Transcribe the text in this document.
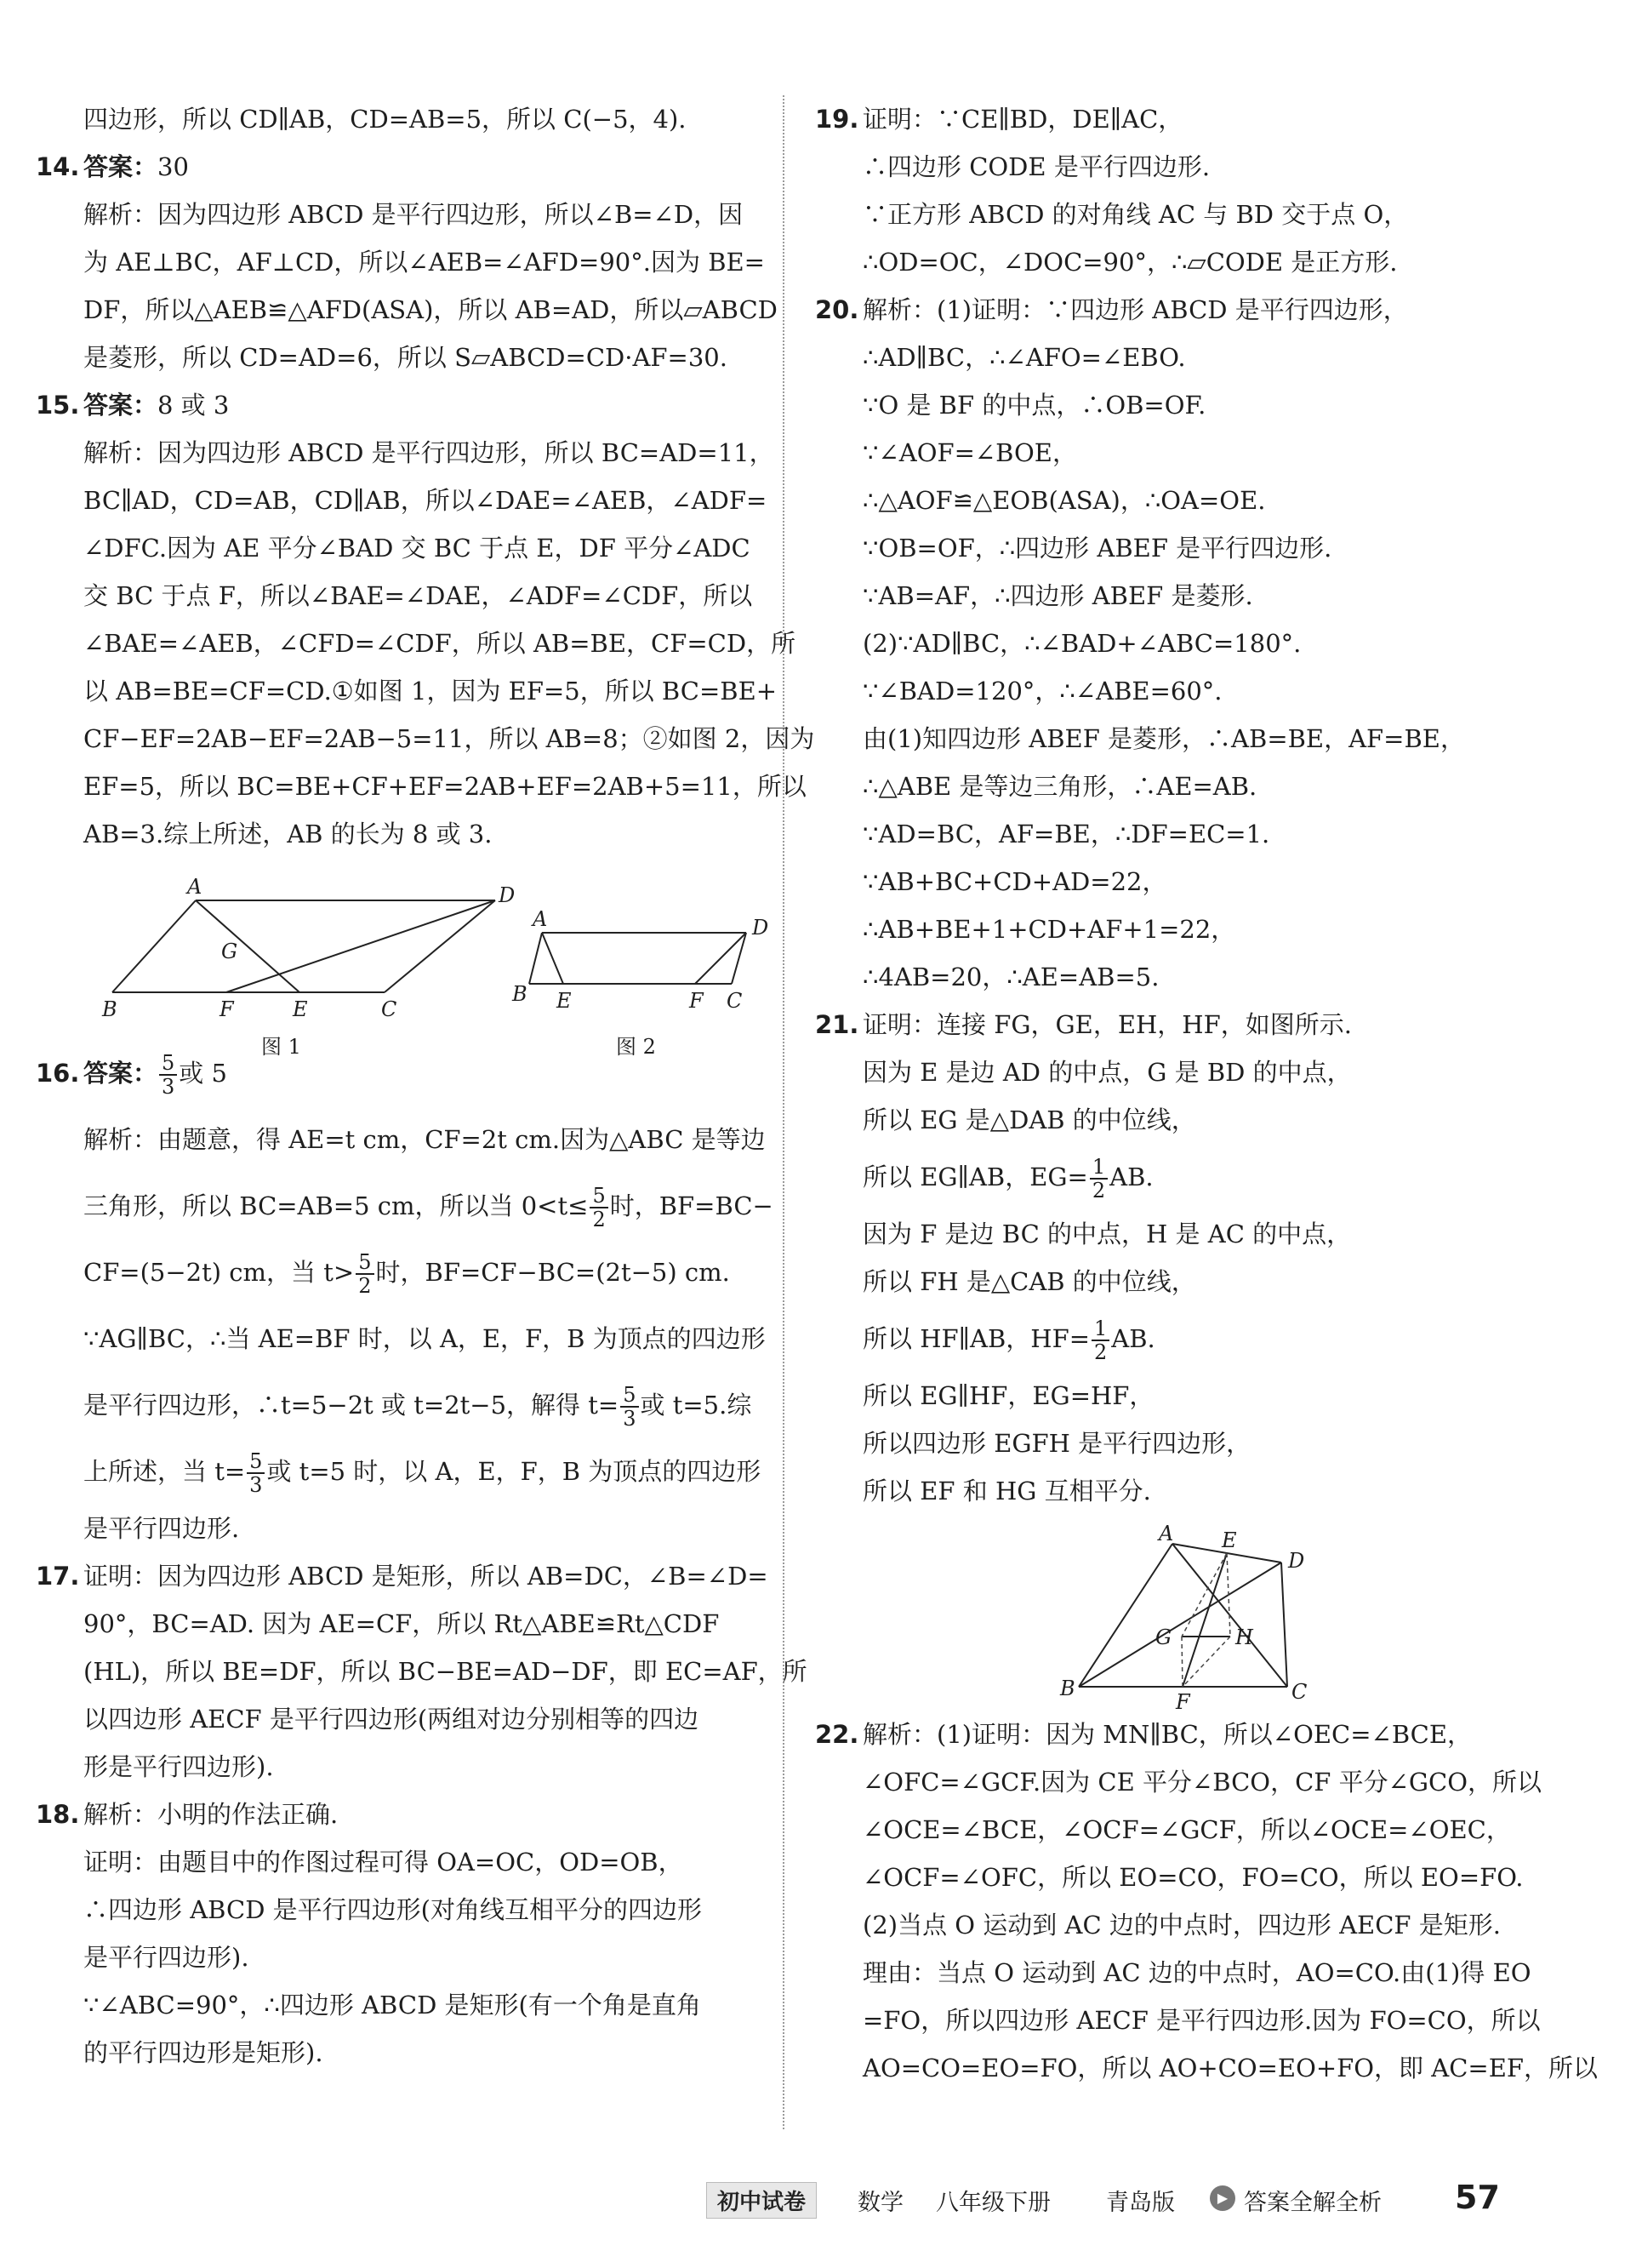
四边形，所以 CD∥AB，CD=AB=5，所以 C(−5，4).
14. 答案：30
解析：因为四边形 ABCD 是平行四边形，所以∠B=∠D，因
为 AE⊥BC，AF⊥CD，所以∠AEB=∠AFD=90°.因为 BE=
DF，所以△AEB≌△AFD(ASA)，所以 AB=AD，所以▱ABCD
是菱形，所以 CD=AD=6，所以 S▱ABCD=CD·AF=30.
15. 答案：8 或 3
解析：因为四边形 ABCD 是平行四边形，所以 BC=AD=11，
BC∥AD，CD=AB，CD∥AB，所以∠DAE=∠AEB，∠ADF=
∠DFC.因为 AE 平分∠BAD 交 BC 于点 E，DF 平分∠ADC
交 BC 于点 F，所以∠BAE=∠DAE，∠ADF=∠CDF，所以
∠BAE=∠AEB，∠CFD=∠CDF，所以 AB=BE，CF=CD，所
以 AB=BE=CF=CD.①如图 1，因为 EF=5，所以 BC=BE+
CF−EF=2AB−EF=2AB−5=11，所以 AB=8；②如图 2，因为
EF=5，所以 BC=BE+CF+EF=2AB+EF=2AB+5=11，所以
AB=3.综上所述，AB 的长为 8 或 3.
A	D
G
B	F	E	C
图 1
A	D
B E	F C
图 2
16. 答案： $\frac{5}{3}$ 或 5
解析：由题意，得 AE=t cm，CF=2t cm.因为△ABC 是等边
三角形，所以 BC=AB=5 cm，所以当 $0<t\le \frac{5}{2}$ 时，BF=BC−
CF=(5−2t) cm，当 $t> \frac{5}{2}$ 时，BF=CF−BC=(2t−5) cm.
∵AG∥BC，∴当 AE=BF 时，以 A，E，F，B 为顶点的四边形
是平行四边形，∴t=5−2t 或 t=2t−5，解得 $t= \frac{5}{3}$ 或 t=5.综
上所述，当 $t= \frac{5}{3}$ 或 t=5 时，以 A，E，F，B 为顶点的四边形
是平行四边形.
17. 证明：因为四边形 ABCD 是矩形，所以 AB=DC，∠B=∠D=
90°，BC=AD. 因为 AE=CF，所以 Rt△ABE≌Rt△CDF
(HL)，所以 BE=DF，所以 BC−BE=AD−DF，即 EC=AF，所
以四边形 AECF 是平行四边形(两组对边分别相等的四边
形是平行四边形).
18. 解析：小明的作法正确.
证明：由题目中的作图过程可得 OA=OC，OD=OB，
∴四边形 ABCD 是平行四边形(对角线互相平分的四边形
是平行四边形).
∵∠ABC=90°，∴四边形 ABCD 是矩形(有一个角是直角
的平行四边形是矩形).
19. 证明：∵CE∥BD，DE∥AC，
∴四边形 CODE 是平行四边形.
∵正方形 ABCD 的对角线 AC 与 BD 交于点 O，
∴OD=OC，∠DOC=90°，∴▱CODE 是正方形.
20. 解析：(1)证明：∵四边形 ABCD 是平行四边形，
∴AD∥BC，∴∠AFO=∠EBO.
∵O 是 BF 的中点，∴OB=OF.
∵∠AOF=∠BOE，
∴△AOF≌△EOB(ASA)，∴OA=OE.
∵OB=OF，∴四边形 ABEF 是平行四边形.
∵AB=AF，∴四边形 ABEF 是菱形.
(2)∵AD∥BC，∴∠BAD+∠ABC=180°.
∵∠BAD=120°，∴∠ABE=60°.
由(1)知四边形 ABEF 是菱形，∴AB=BE，AF=BE，
∴△ABE 是等边三角形，∴AE=AB.
∵AD=BC，AF=BE，∴DF=EC=1.
∵AB+BC+CD+AD=22，
∴AB+BE+1+CD+AF+1=22，
∴4AB=20，∴AE=AB=5.
21. 证明：连接 FG，GE，EH，HF，如图所示.
因为 E 是边 AD 的中点，G 是 BD 的中点，
所以 EG 是△DAB 的中位线，
所以 EG∥AB，$EG= \frac{1}{2}$ AB.
因为 F 是边 BC 的中点，H 是 AC 的中点，
所以 FH 是△CAB 的中位线，
所以 HF∥AB，$HF= \frac{1}{2}$ AB.
所以 EG∥HF，EG=HF，
所以四边形 EGFH 是平行四边形，
所以 EF 和 HG 互相平分.
A E
D
G	H
B
F	C
22. 解析：(1)证明：因为 MN∥BC，所以∠OEC=∠BCE，
∠OFC=∠GCF.因为 CE 平分∠BCO，CF 平分∠GCO，所以
∠OCE=∠BCE，∠OCF=∠GCF，所以∠OCE=∠OEC，
∠OCF=∠OFC，所以 EO=CO，FO=CO，所以 EO=FO.
(2)当点 O 运动到 AC 边的中点时，四边形 AECF 是矩形.
理由：当点 O 运动到 AC 边的中点时，AO=CO.由(1)得 EO
=FO，所以四边形 AECF 是平行四边形.因为 FO=CO，所以
AO=CO=EO=FO，所以 AO+CO=EO+FO，即 AC=EF，所以
初中试卷	数学 八年级下册 青岛版	▶ 答案全解全析 57
